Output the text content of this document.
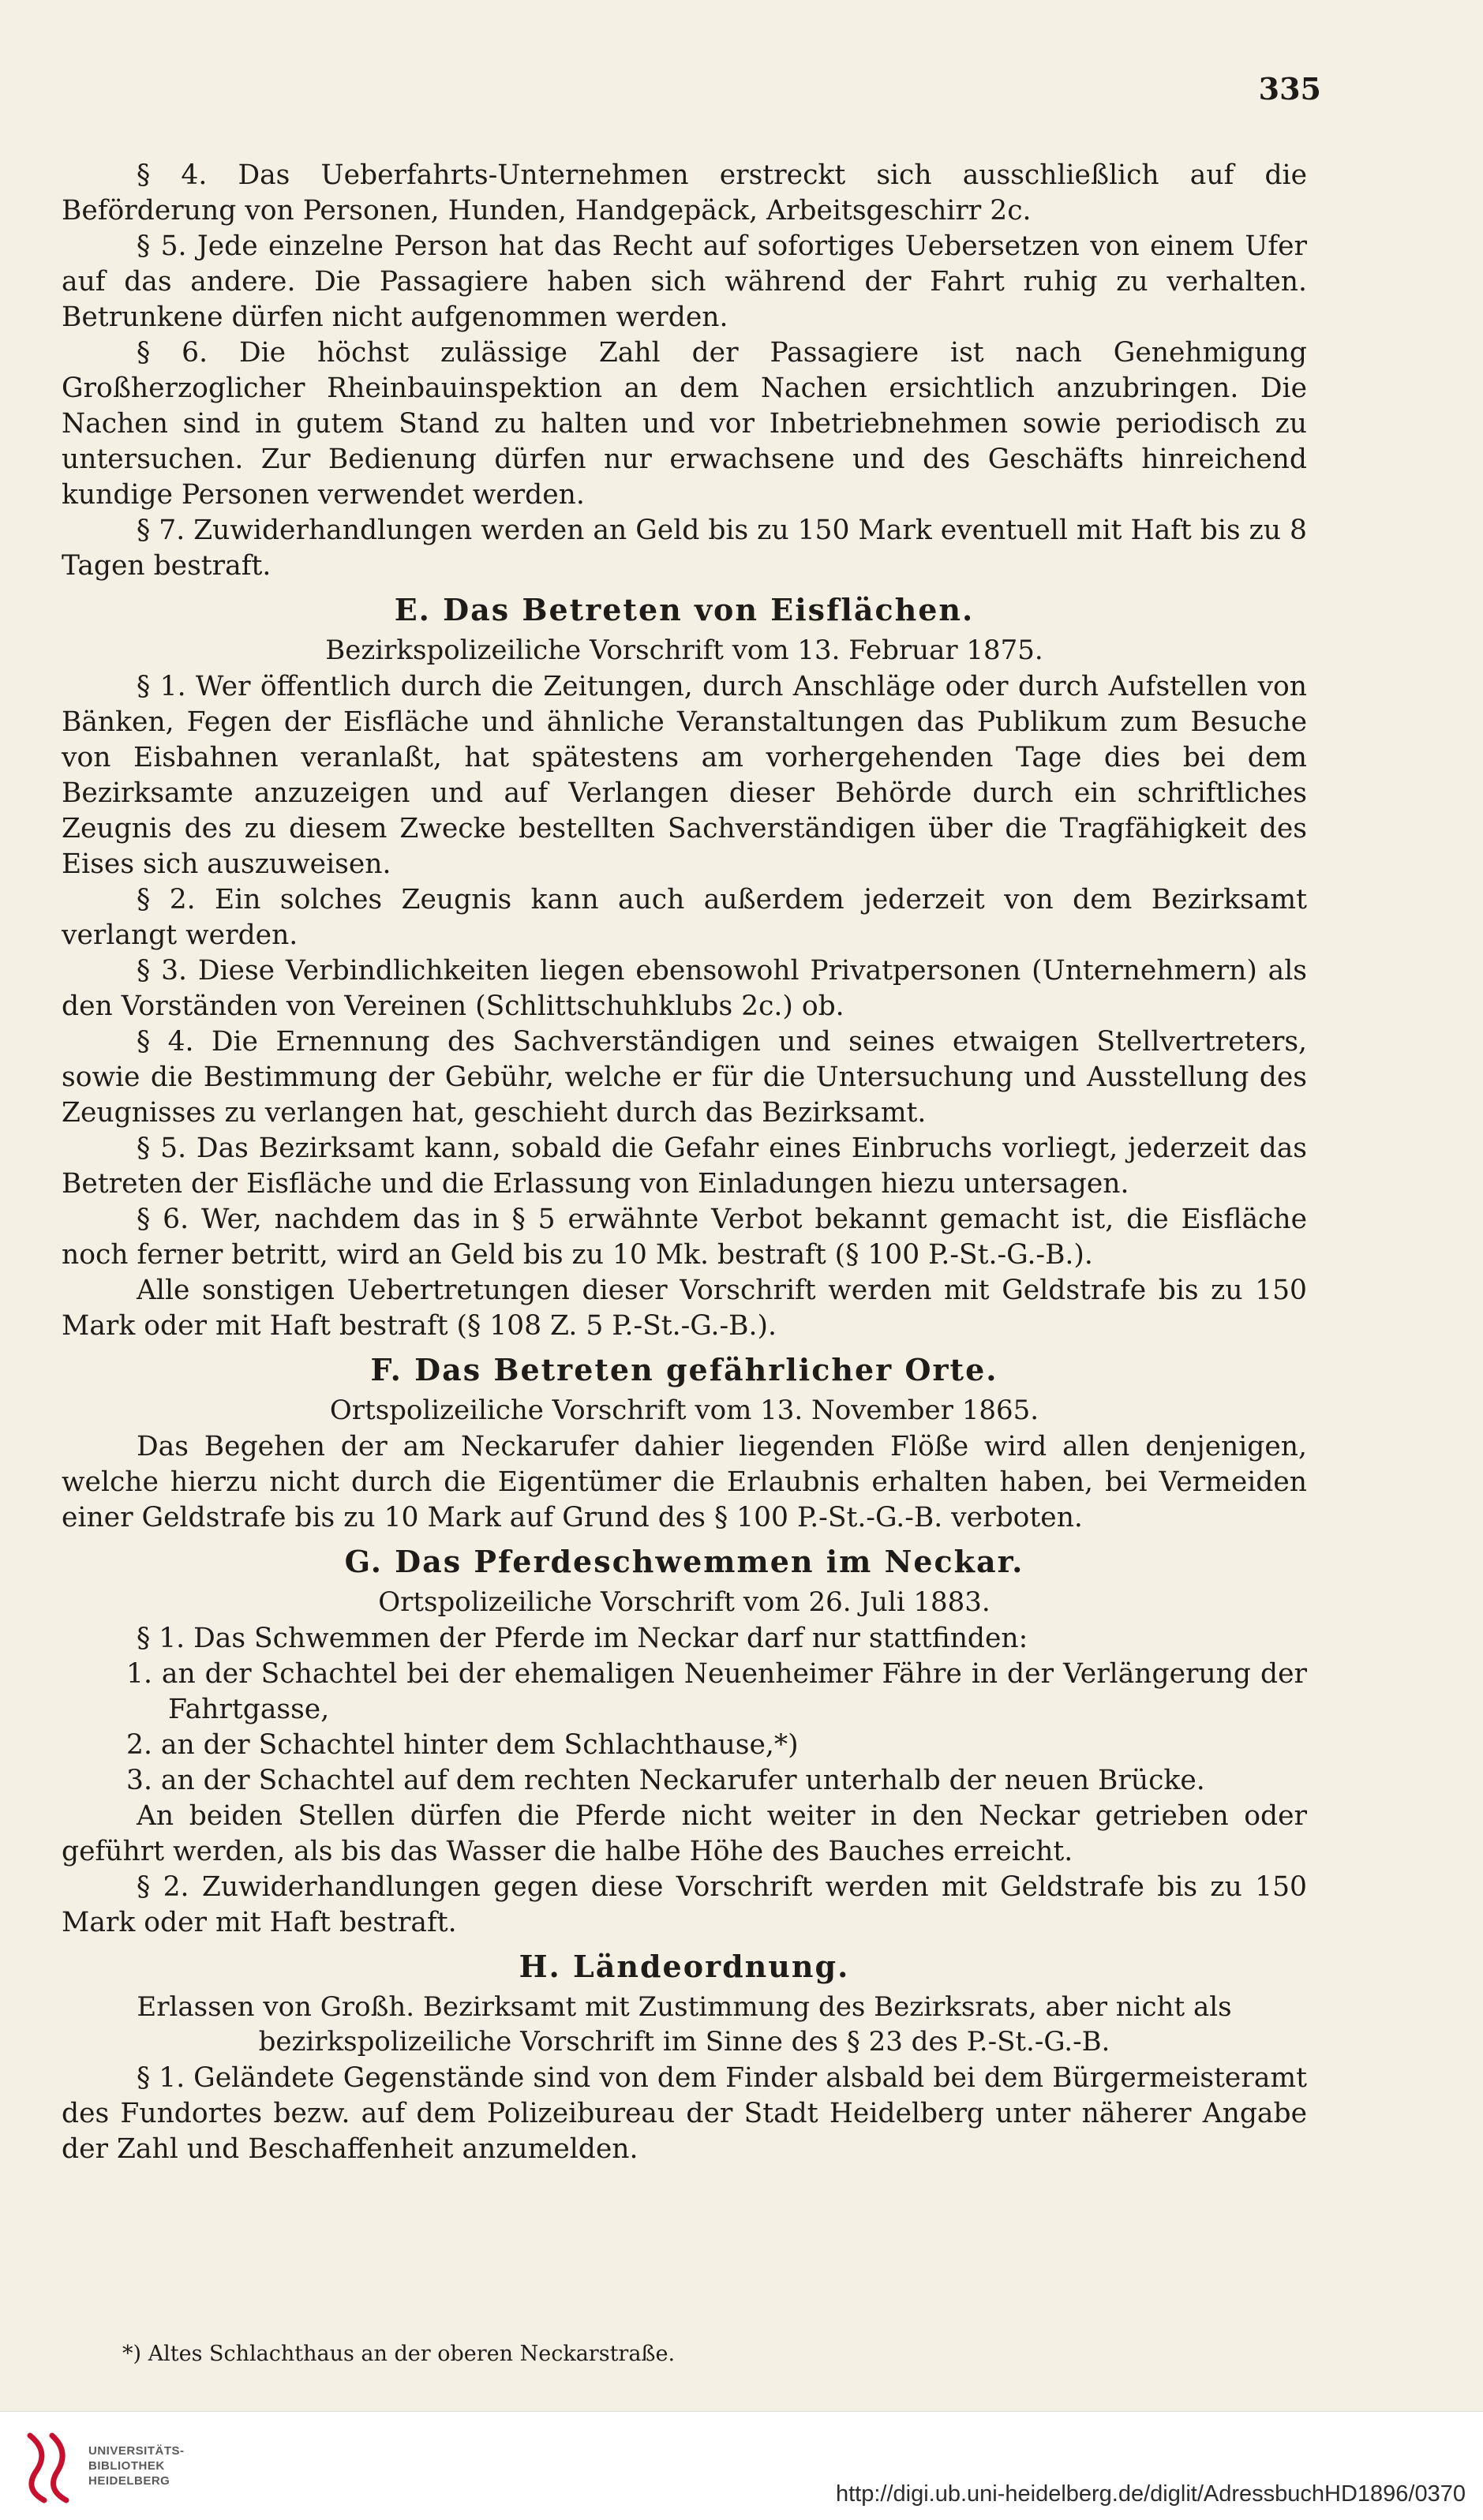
335

§ 4. Das Ueberfahrts-Unternehmen erstreckt sich ausschließlich auf die Beförderung von Personen, Hunden, Handgepäck, Arbeitsgeschirr 2c.

§ 5. Jede einzelne Person hat das Recht auf sofortiges Uebersetzen von einem Ufer auf das andere. Die Passagiere haben sich während der Fahrt ruhig zu verhalten. Betrunkene dürfen nicht aufgenommen werden.

§ 6. Die höchst zulässige Zahl der Passagiere ist nach Genehmigung Großherzoglicher Rheinbauinspektion an dem Nachen ersichtlich anzubringen. Die Nachen sind in gutem Stand zu halten und vor Inbetriebnehmen sowie periodisch zu untersuchen. Zur Bedienung dürfen nur erwachsene und des Geschäfts hinreichend kundige Personen verwendet werden.

§ 7. Zuwiderhandlungen werden an Geld bis zu 150 Mark eventuell mit Haft bis zu 8 Tagen bestraft.

E. Das Betreten von Eisflächen.
Bezirkspolizeiliche Vorschrift vom 13. Februar 1875.

§ 1. Wer öffentlich durch die Zeitungen, durch Anschläge oder durch Aufstellen von Bänken, Fegen der Eisfläche und ähnliche Veranstaltungen das Publikum zum Besuche von Eisbahnen veranlaßt, hat spätestens am vorhergehenden Tage dies bei dem Bezirksamte anzuzeigen und auf Verlangen dieser Behörde durch ein schriftliches Zeugnis des zu diesem Zwecke bestellten Sachverständigen über die Tragfähigkeit des Eises sich auszuweisen.

§ 2. Ein solches Zeugnis kann auch außerdem jederzeit von dem Bezirksamt verlangt werden.

§ 3. Diese Verbindlichkeiten liegen ebensowohl Privatpersonen (Unternehmern) als den Vorständen von Vereinen (Schlittschuhklubs 2c.) ob.

§ 4. Die Ernennung des Sachverständigen und seines etwaigen Stellvertreters, sowie die Bestimmung der Gebühr, welche er für die Untersuchung und Ausstellung des Zeugnisses zu verlangen hat, geschieht durch das Bezirksamt.

§ 5. Das Bezirksamt kann, sobald die Gefahr eines Einbruchs vorliegt, jederzeit das Betreten der Eisfläche und die Erlassung von Einladungen hiezu untersagen.

§ 6. Wer, nachdem das in § 5 erwähnte Verbot bekannt gemacht ist, die Eisfläche noch ferner betritt, wird an Geld bis zu 10 Mk. bestraft (§ 100 P.-St.-G.-B.).

Alle sonstigen Uebertretungen dieser Vorschrift werden mit Geldstrafe bis zu 150 Mark oder mit Haft bestraft (§ 108 Z. 5 P.-St.-G.-B.).

F. Das Betreten gefährlicher Orte.
Ortspolizeiliche Vorschrift vom 13. November 1865.

Das Begehen der am Neckarufer dahier liegenden Flöße wird allen denjenigen, welche hierzu nicht durch die Eigentümer die Erlaubnis erhalten haben, bei Vermeiden einer Geldstrafe bis zu 10 Mark auf Grund des § 100 P.-St.-G.-B. verboten.

G. Das Pferdeschwemmen im Neckar.
Ortspolizeiliche Vorschrift vom 26. Juli 1883.

§ 1. Das Schwemmen der Pferde im Neckar darf nur stattfinden:

1. an der Schachtel bei der ehemaligen Neuenheimer Fähre in der Verlängerung der Fahrtgasse,
2. an der Schachtel hinter dem Schlachthause,*)
3. an der Schachtel auf dem rechten Neckarufer unterhalb der neuen Brücke.

An beiden Stellen dürfen die Pferde nicht weiter in den Neckar getrieben oder geführt werden, als bis das Wasser die halbe Höhe des Bauches erreicht.

§ 2. Zuwiderhandlungen gegen diese Vorschrift werden mit Geldstrafe bis zu 150 Mark oder mit Haft bestraft.

H. Ländeordnung.
Erlassen von Großh. Bezirksamt mit Zustimmung des Bezirksrats, aber nicht als bezirkspolizeiliche Vorschrift im Sinne des § 23 des P.-St.-G.-B.

§ 1. Geländete Gegenstände sind von dem Finder alsbald bei dem Bürgermeisteramt des Fundortes bezw. auf dem Polizeibureau der Stadt Heidelberg unter näherer Angabe der Zahl und Beschaffenheit anzumelden.

*) Altes Schlachthaus an der oberen Neckarstraße.
UNIVERSITÄTS-
BIBLIOTHEK
HEIDELBERG
http://digi.ub.uni-heidelberg.de/diglit/AdressbuchHD1896/0370
